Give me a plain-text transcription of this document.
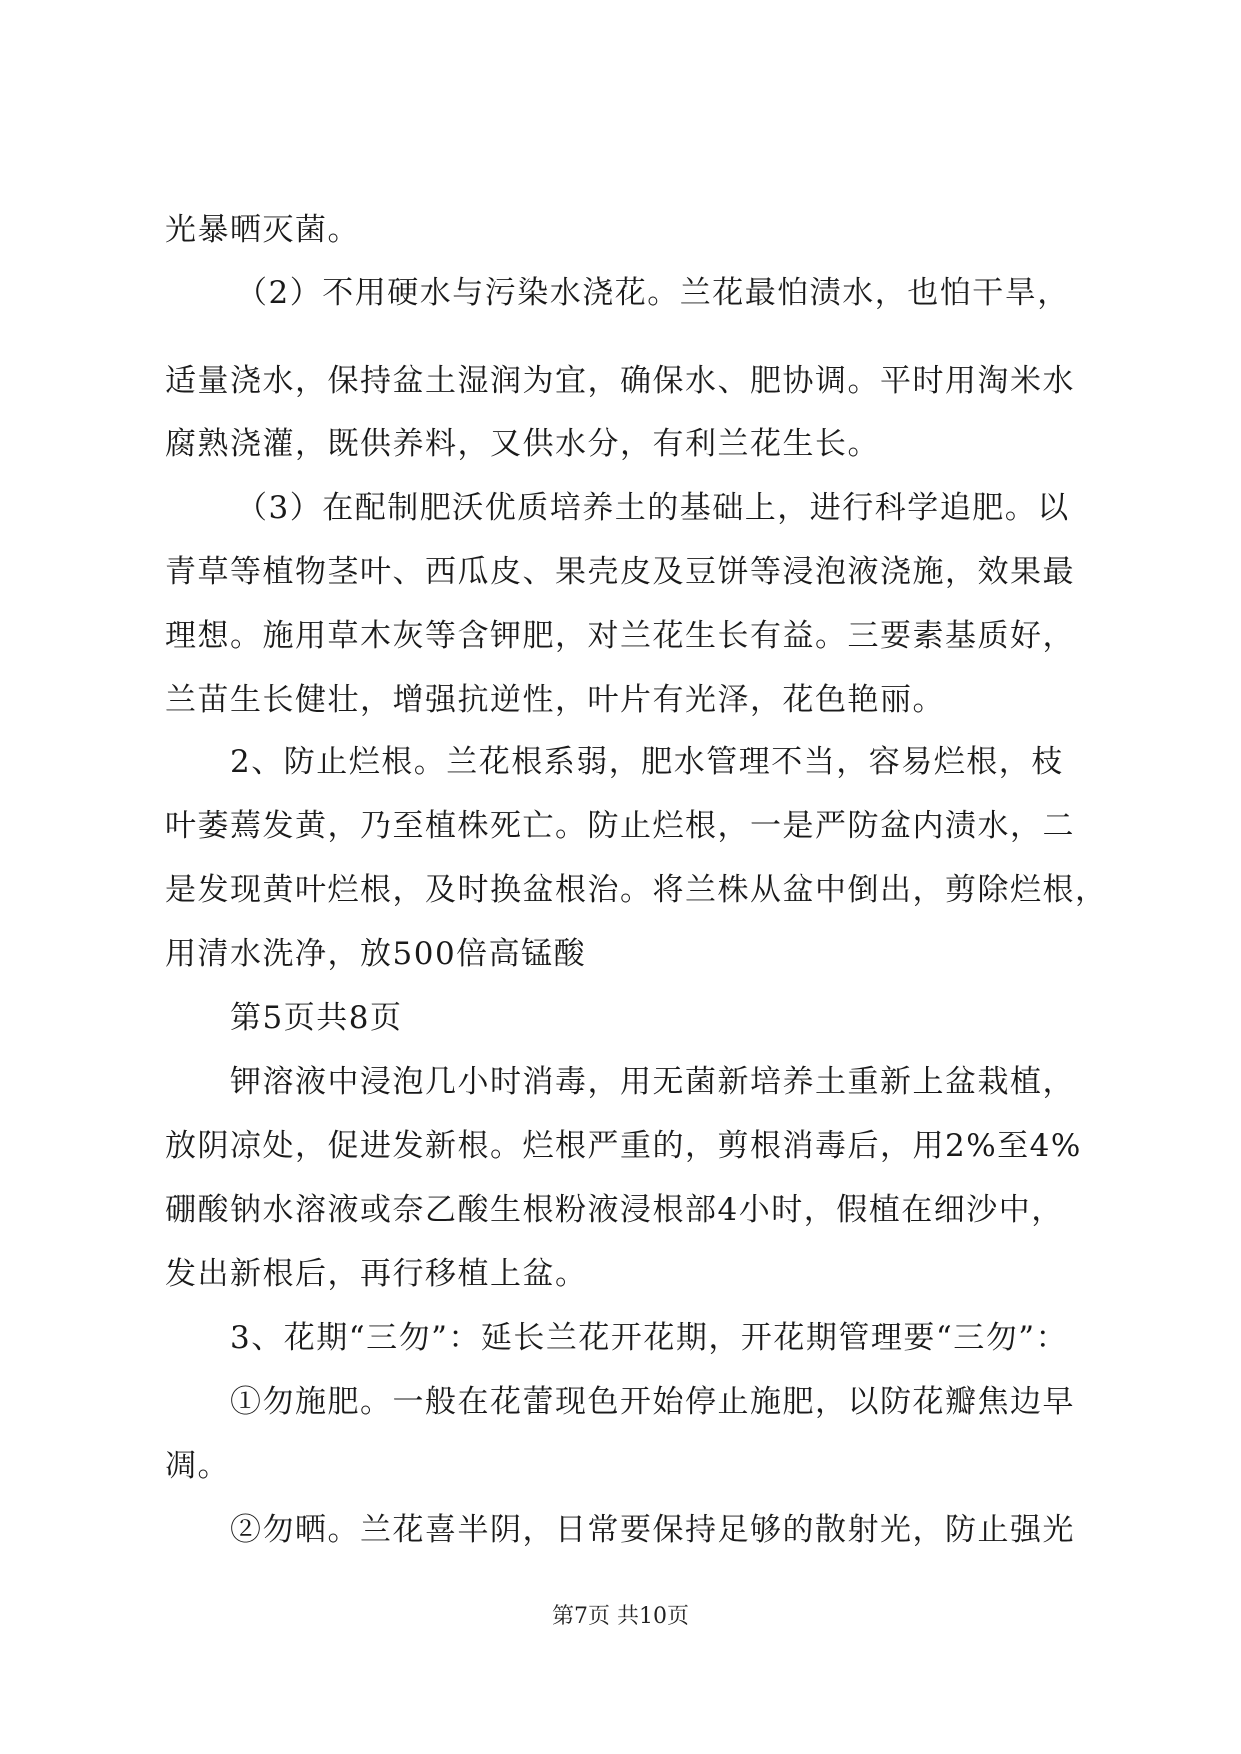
光暴晒灭菌。
（2）不用硬水与污染水浇花。兰花最怕渍水，也怕干旱，
适量浇水，保持盆土湿润为宜，确保水、肥协调。平时用淘米水
腐熟浇灌，既供养料，又供水分，有利兰花生长。
（3）在配制肥沃优质培养土的基础上，进行科学追肥。以
青草等植物茎叶、西瓜皮、果壳皮及豆饼等浸泡液浇施，效果最
理想。施用草木灰等含钾肥，对兰花生长有益。三要素基质好，
兰苗生长健壮，增强抗逆性，叶片有光泽，花色艳丽。
2、防止烂根。兰花根系弱，肥水管理不当，容易烂根，枝
叶萎蔫发黄，乃至植株死亡。防止烂根，一是严防盆内渍水，二
是发现黄叶烂根，及时换盆根治。将兰株从盆中倒出，剪除烂根，
用清水洗净，放500倍高锰酸
第5页共8页
钾溶液中浸泡几小时消毒，用无菌新培养土重新上盆栽植，
放阴凉处，促进发新根。烂根严重的，剪根消毒后，用2%至4%
硼酸钠水溶液或奈乙酸生根粉液浸根部4小时，假植在细沙中，
发出新根后，再行移植上盆。
3、花期“三勿”：延长兰花开花期，开花期管理要“三勿”：
①勿施肥。一般在花蕾现色开始停止施肥，以防花瓣焦边早
凋。
②勿晒。兰花喜半阴，日常要保持足够的散射光，防止强光
第7页 共10页
